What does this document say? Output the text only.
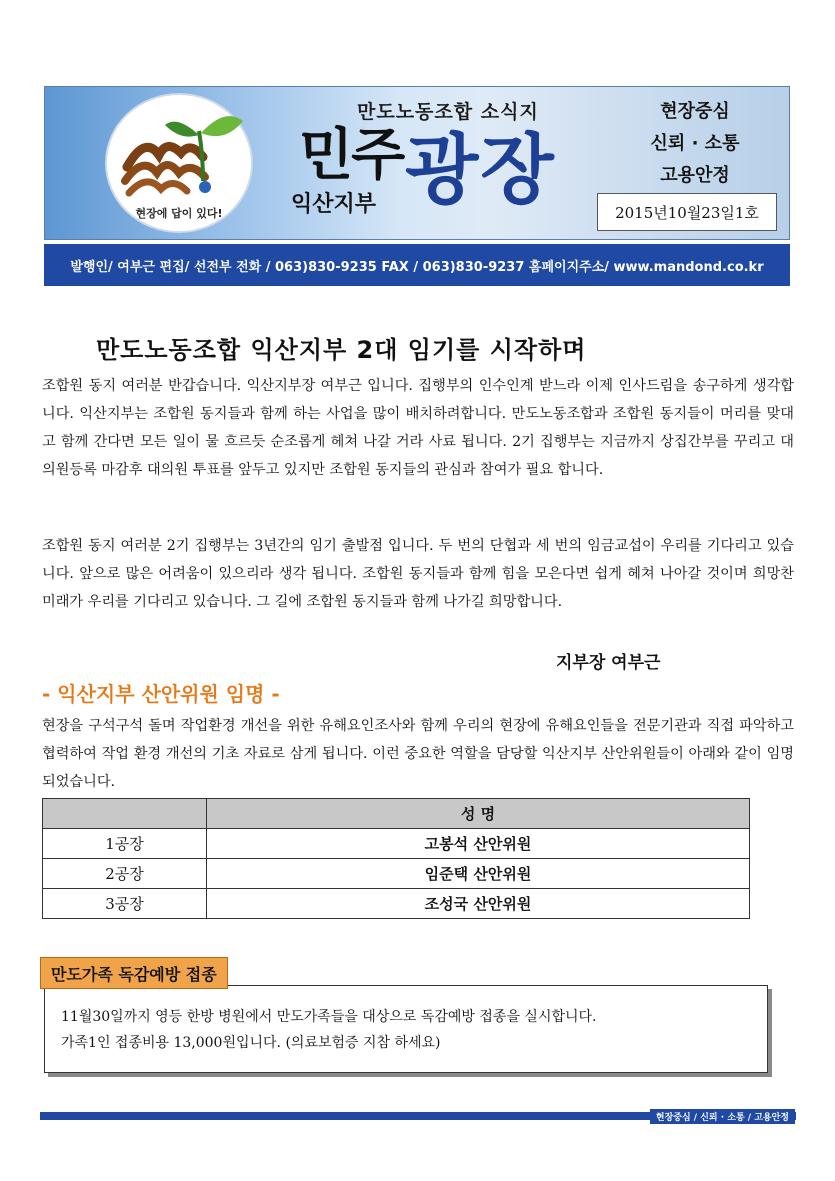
현장에 답이 있다!
만도노동조합 소식지
민주 광장
익산지부
현장중심
신뢰 · 소통
고용안정
2015년10월23일1호
발행인/ 여부근 편집/ 선전부 전화 / 063)830-9235 FAX / 063)830-9237 홈페이지주소/ www.mandond.co.kr
만도노동조합 익산지부 2대 임기를 시작하며
조합원 동지 여러분 반갑습니다. 익산지부장 여부근 입니다. 집행부의 인수인계 받느라 이제 인사드림을 송구하게 생각합니다. 익산지부는 조합원 동지들과 함께 하는 사업을 많이 배치하려합니다. 만도노동조합과 조합원 동지들이 머리를 맞대고 함께 간다면 모든 일이 물 흐르듯 순조롭게 헤쳐 나갈 거라 사료 됩니다. 2기 집행부는 지금까지 상집간부를 꾸리고 대의원등록 마감후 대의원 투표를 앞두고 있지만 조합원 동지들의 관심과 참여가 필요 합니다.
조합원 동지 여러분 2기 집행부는 3년간의 임기 출발점 입니다. 두 번의 단협과 세 번의 임금교섭이 우리를 기다리고 있습니다. 앞으로 많은 어려움이 있으리라 생각 됩니다. 조합원 동지들과 함께 힘을 모은다면 쉽게 헤쳐 나아갈 것이며 희망찬 미래가 우리를 기다리고 있습니다. 그 길에 조합원 동지들과 함께 나가길 희망합니다.
지부장 여부근
- 익산지부 산안위원 임명 -
현장을 구석구석 돌며 작업환경 개선을 위한 유해요인조사와 함께 우리의 현장에 유해요인들을 전문기관과 직접 파악하고 협력하여 작업 환경 개선의 기초 자료로 삼게 됩니다. 이런 중요한 역할을 담당할 익산지부 산안위원들이 아래와 같이 임명 되었습니다.
	성 명
1공장	고봉석 산안위원
2공장	임준택 산안위원
3공장	조성국 산안위원
만도가족 독감예방 접종
11월30일까지 영등 한방 병원에서 만도가족들을 대상으로 독감예방 접종을 실시합니다.
가족1인 접종비용 13,000원입니다. (의료보험증 지참 하세요)
현장중심 / 신뢰 · 소통 / 고용안정
